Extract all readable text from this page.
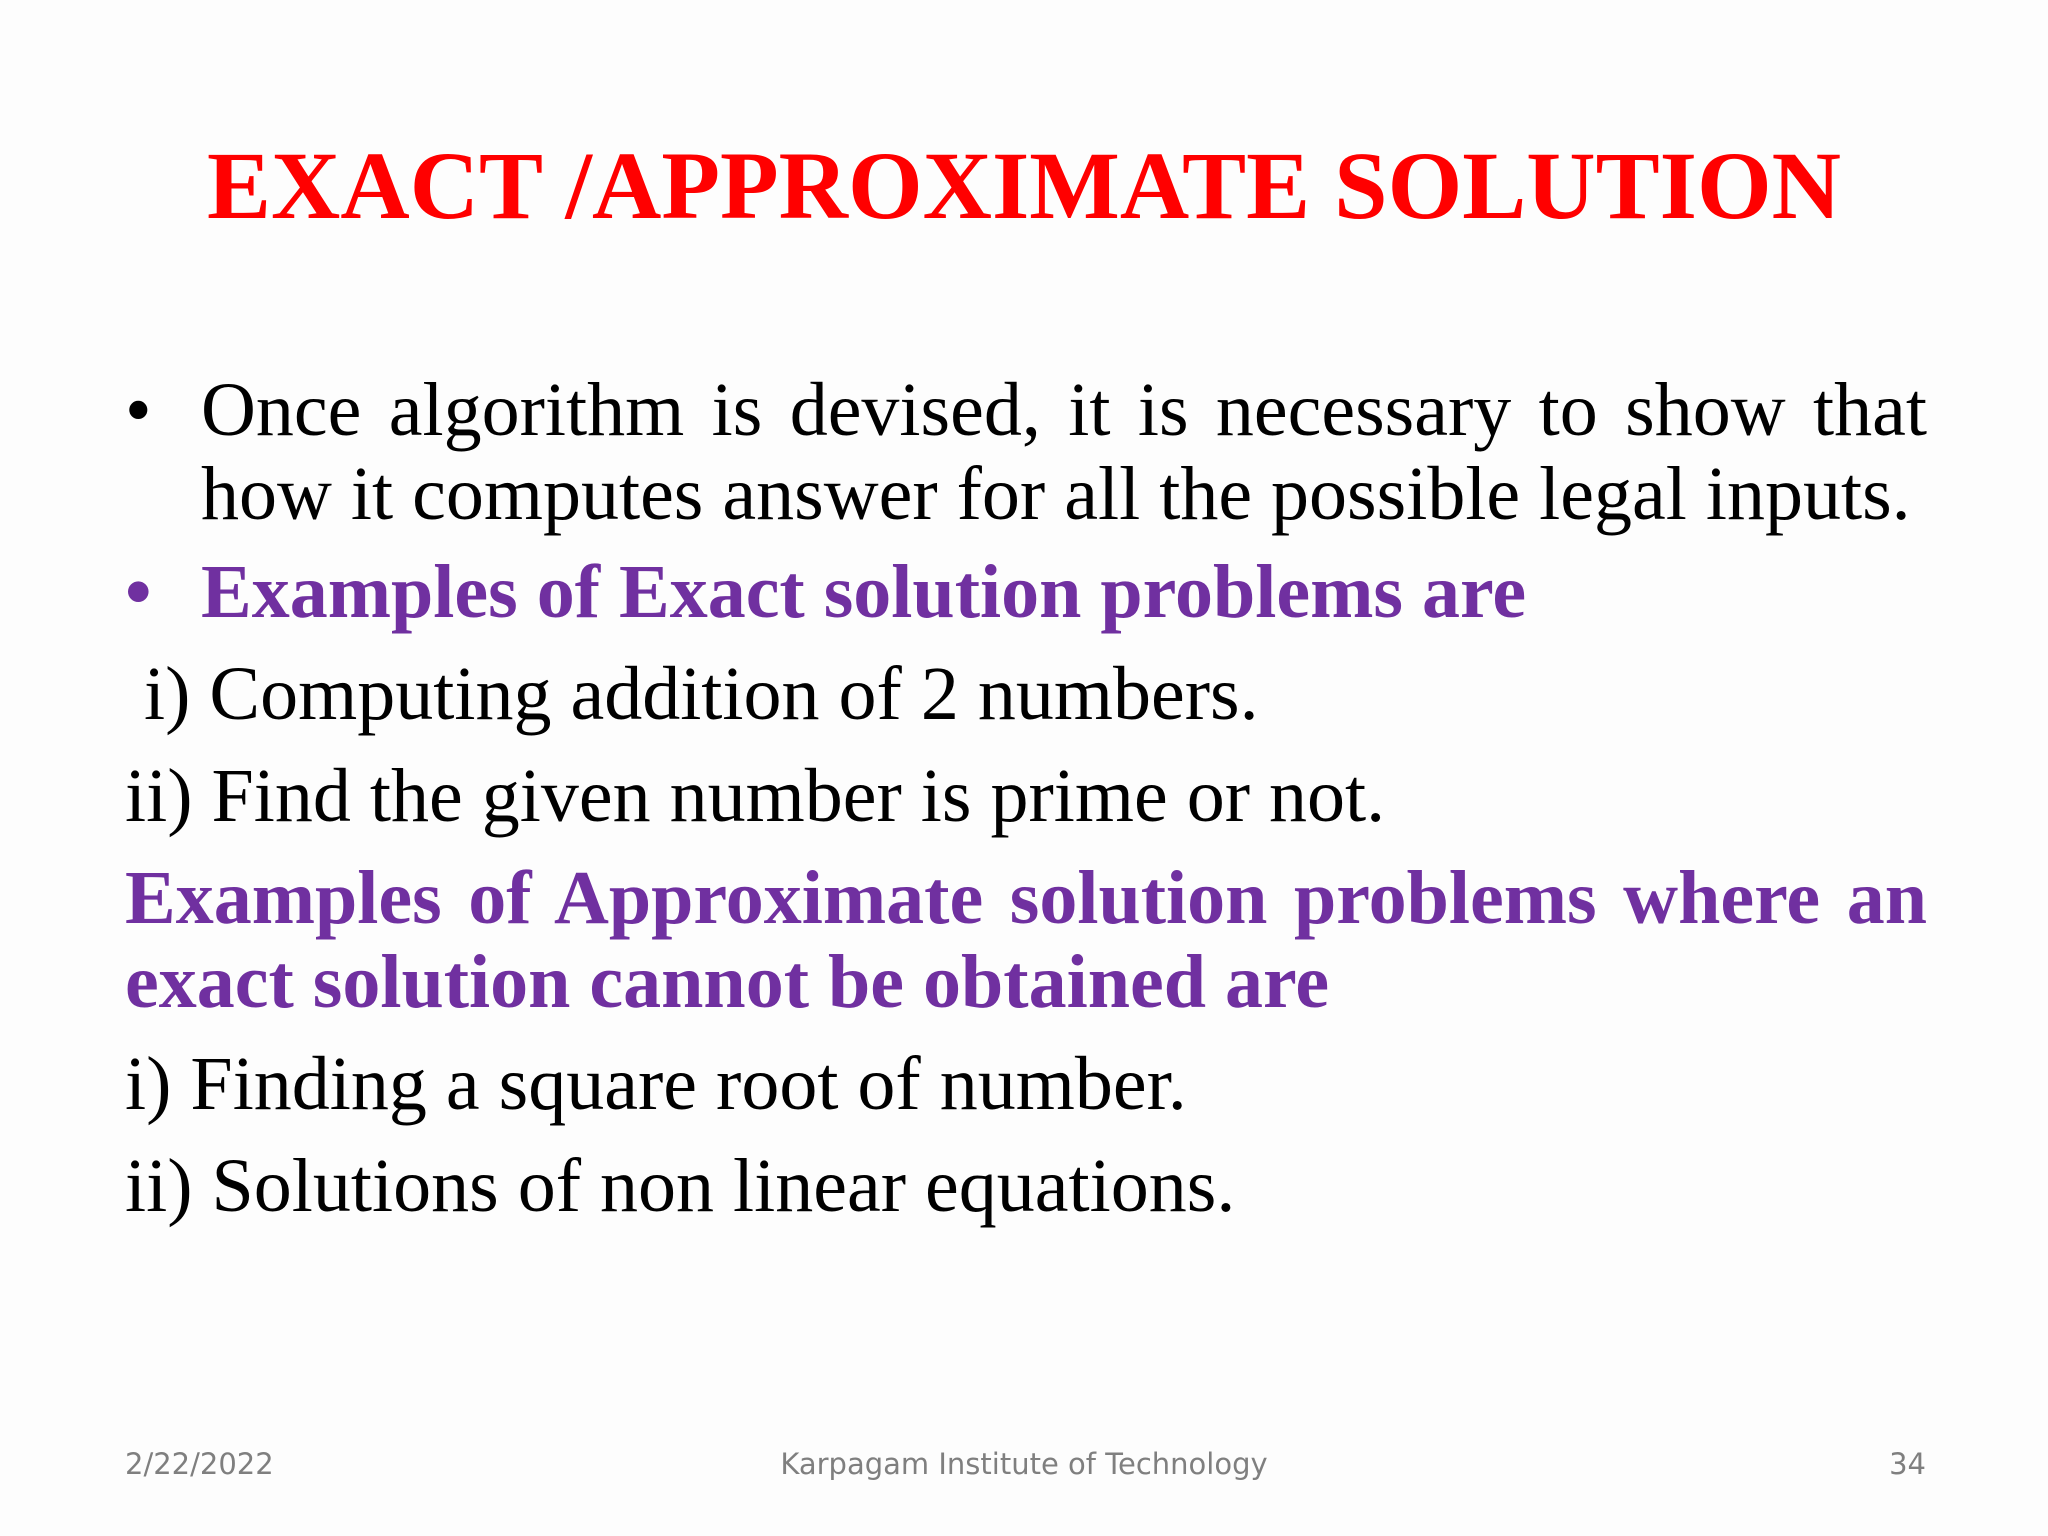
EXACT /APPROXIMATE SOLUTION
• Once algorithm is devised, it is necessary to show that how it computes answer for all the possible legal inputs.
• Examples of Exact solution problems are
i) Computing addition of 2 numbers.
ii) Find the given number is prime or not.
Examples of Approximate solution problems where an exact solution cannot be obtained are
i) Finding a square root of number.
ii) Solutions of non linear equations.
2/22/2022	Karpagam Institute of Technology	34
